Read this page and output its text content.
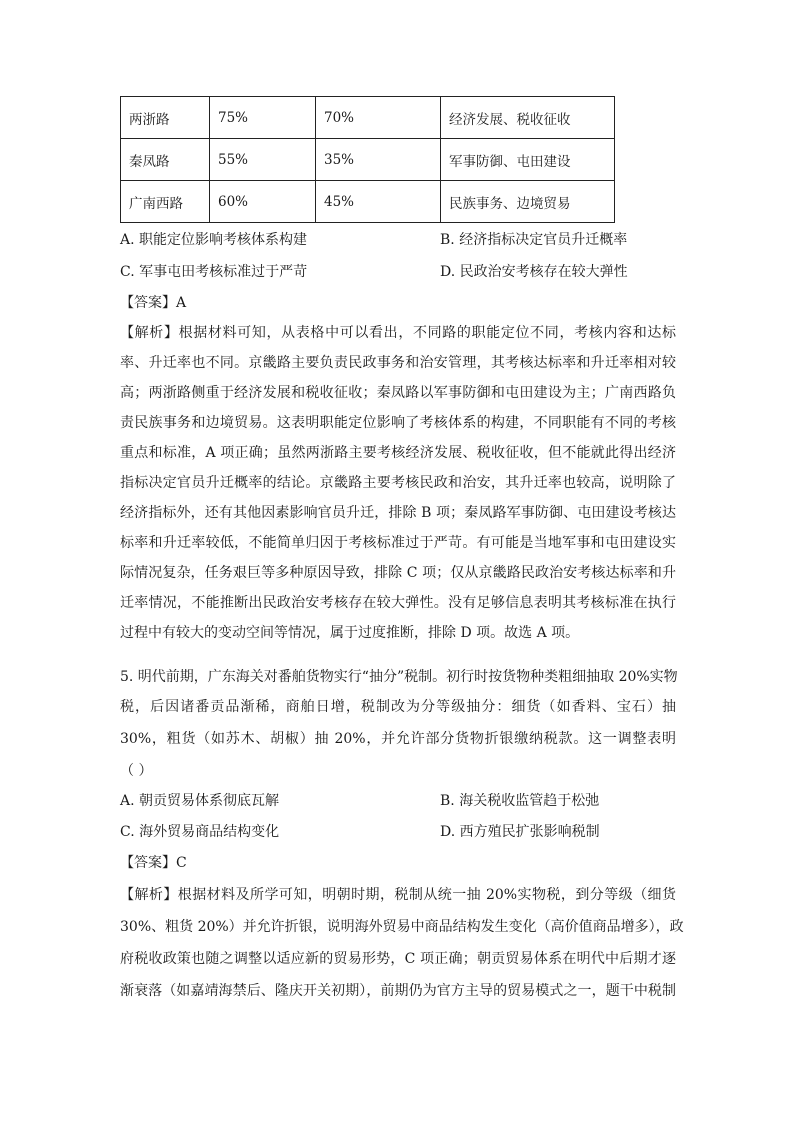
两浙路	75%	70%	经济发展、税收征收
秦凤路	55%	35%	军事防御、屯田建设
广南西路	60%	45%	民族事务、边境贸易
A. 职能定位影响考核体系构建	B. 经济指标决定官员升迁概率
C. 军事屯田考核标准过于严苛	D. 民政治安考核存在较大弹性
【答案】A
【解析】根据材料可知，从表格中可以看出，不同路的职能定位不同，考核内容和达标
率、升迁率也不同。京畿路主要负责民政事务和治安管理，其考核达标率和升迁率相对较
高；两浙路侧重于经济发展和税收征收；秦凤路以军事防御和屯田建设为主；广南西路负
责民族事务和边境贸易。这表明职能定位影响了考核体系的构建，不同职能有不同的考核
重点和标准，A 项正确；虽然两浙路主要考核经济发展、税收征收，但不能就此得出经济
指标决定官员升迁概率的结论。京畿路主要考核民政和治安，其升迁率也较高，说明除了
经济指标外，还有其他因素影响官员升迁，排除 B 项；秦凤路军事防御、屯田建设考核达
标率和升迁率较低，不能简单归因于考核标准过于严苛。有可能是当地军事和屯田建设实
际情况复杂，任务艰巨等多种原因导致，排除 C 项；仅从京畿路民政治安考核达标率和升
迁率情况，不能推断出民政治安考核存在较大弹性。没有足够信息表明其考核标准在执行
过程中有较大的变动空间等情况，属于过度推断，排除 D 项。故选 A 项。
5. 明代前期，广东海关对番舶货物实行“抽分”税制。初行时按货物种类粗细抽取 20%实物
税，后因诸番贡品渐稀，商舶日增，税制改为分等级抽分：细货（如香料、宝石）抽
30%，粗货（如苏木、胡椒）抽 20%，并允许部分货物折银缴纳税款。这一调整表明
（ ）
A. 朝贡贸易体系彻底瓦解	B. 海关税收监管趋于松弛
C. 海外贸易商品结构变化	D. 西方殖民扩张影响税制
【答案】C
【解析】根据材料及所学可知，明朝时期，税制从统一抽 20%实物税，到分等级（细货
30%、粗货 20%）并允许折银，说明海外贸易中商品结构发生变化（高价值商品增多），政
府税收政策也随之调整以适应新的贸易形势，C 项正确；朝贡贸易体系在明代中后期才逐
渐衰落（如嘉靖海禁后、隆庆开关初期），前期仍为官方主导的贸易模式之一，题干中税制
